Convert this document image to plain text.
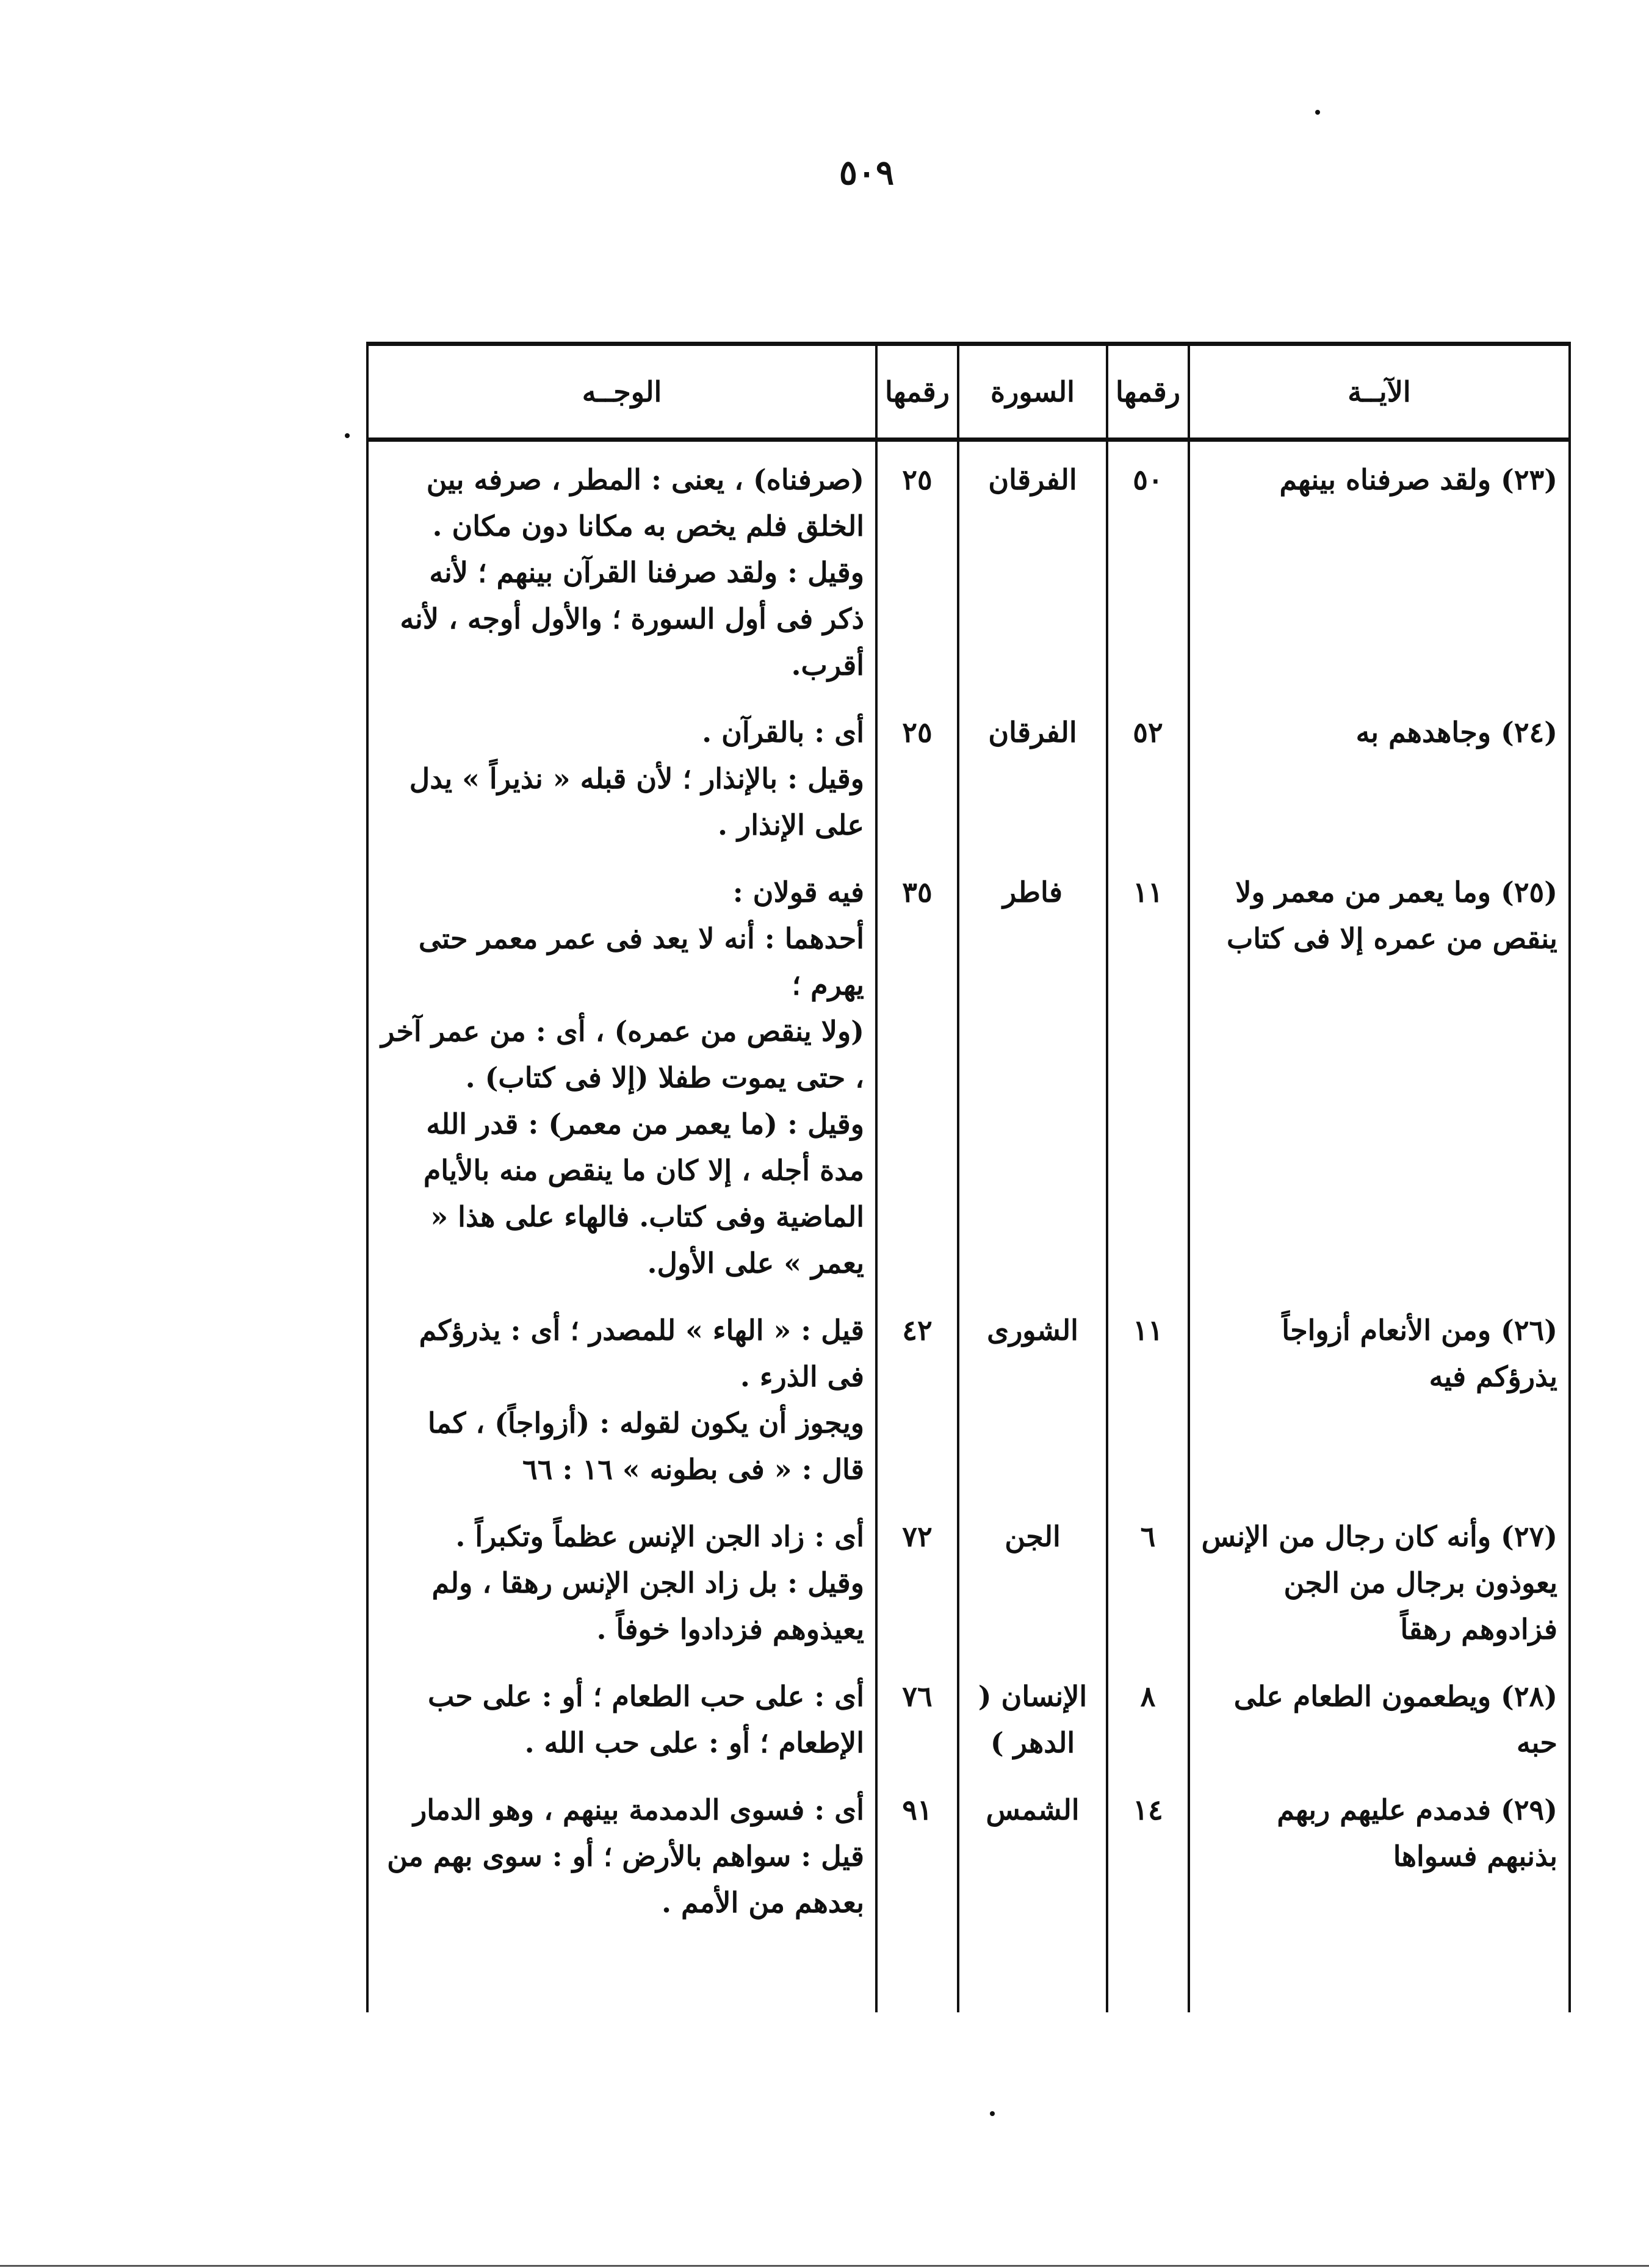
٥٠٩
الآيــة	رقمها	السورة	رقمها	الوجــه
(٢٣) ولقد صرفناه بينهم	٥٠	الفرقان	٢٥	(صرفناه) ، يعنى : المطر ، صرفه بين الخلق فلم يخص به مكانا دون مكان .

وقيل : ولقد صرفنا القرآن بينهم ؛ لأنه ذكر فى أول السورة ؛ والأول أوجه ، لأنه أقرب.

(٢٤) وجاهدهم به	٥٢	الفرقان	٢٥	أى : بالقرآن .

وقيل : بالإنذار ؛ لأن قبله « نذيراً » يدل على الإنذار .

(٢٥) وما يعمر من معمر ولا ينقص من عمره إلا فى كتاب	١١	فاطر	٣٥	فيه قولان :

أحدهما : أنه لا يعد فى عمر معمر حتى يهرم ؛

(ولا ينقص من عمره) ، أى : من عمر آخر ، حتى يموت طفلا (إلا فى كتاب) .

وقيل : (ما يعمر من معمر) : قدر الله مدة أجله ، إلا كان ما ينقص منه بالأيام الماضية وفى كتاب. فالهاء على هذا « يعمر » على الأول.

(٢٦) ومن الأنعام أزواجاً يذرؤكم فيه	١١	الشورى	٤٢	قيل : « الهاء » للمصدر ؛ أى : يذرؤكم فى الذرء .

ويجوز أن يكون لقوله : (أزواجاً) ، كما قال : « فى بطونه » ١٦ : ٦٦

(٢٧) وأنه كان رجال من الإنس يعوذون برجال من الجن فزادوهم رهقاً	٦	الجن	٧٢	أى : زاد الجن الإنس عظماً وتكبراً .

وقيل : بل زاد الجن الإنس رهقا ، ولم يعيذوهم فزدادوا خوفاً .

(٢٨) ويطعمون الطعام على حبه	٨	الإنسان ( الدهر )	٧٦	أى : على حب الطعام ؛ أو : على حب الإطعام ؛ أو : على حب الله .

(٢٩) فدمدم عليهم ربهم بذنبهم فسواها	١٤	الشمس	٩١	أى : فسوى الدمدمة بينهم ، وهو الدمار

قيل : سواهم بالأرض ؛ أو : سوى بهم من بعدهم من الأمم .
